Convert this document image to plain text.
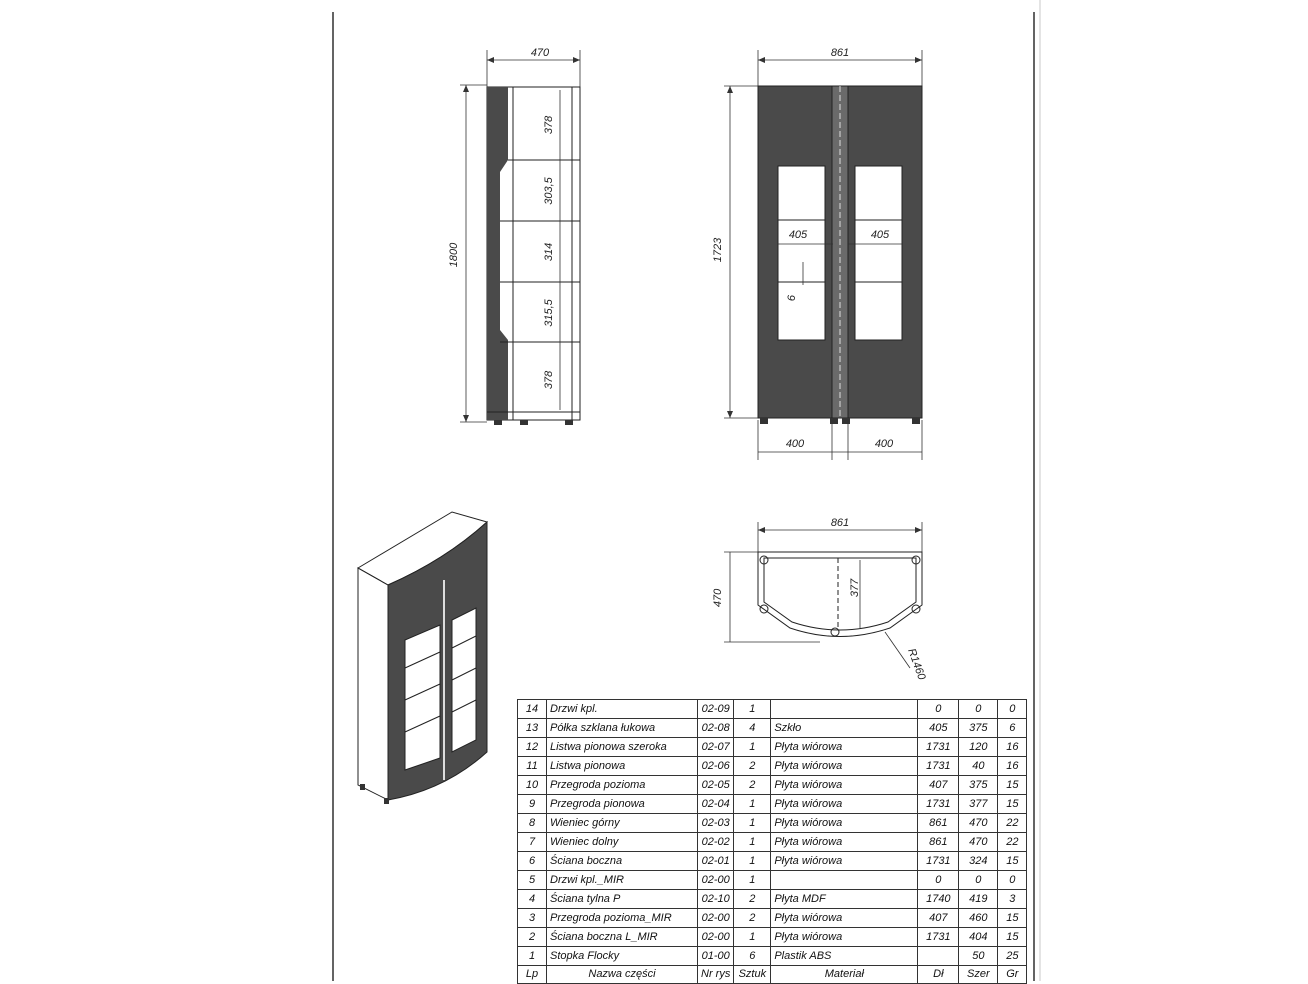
470
1800
378
303,5
314
315,5
378
861
1723
405	405
6
400	400
861
470
377
R1460
14	Drzwi kpl.	02-09	1		0	0	0
13	Półka szklana łukowa	02-08	4	Szkło	405	375	6
12	Listwa pionowa szeroka	02-07	1	Płyta wiórowa	1731	120	16
11	Listwa pionowa	02-06	2	Płyta wiórowa	1731	40	16
10	Przegroda pozioma	02-05	2	Płyta wiórowa	407	375	15
9	Przegroda pionowa	02-04	1	Płyta wiórowa	1731	377	15
8	Wieniec górny	02-03	1	Płyta wiórowa	861	470	22
7	Wieniec dolny	02-02	1	Płyta wiórowa	861	470	22
6	Ściana boczna	02-01	1	Płyta wiórowa	1731	324	15
5	Drzwi kpl._MIR	02-00	1		0	0	0
4	Ściana tylna P	02-10	2	Płyta MDF	1740	419	3
3	Przegroda pozioma_MIR	02-00	2	Płyta wiórowa	407	460	15
2	Ściana boczna L_MIR	02-00	1	Płyta wiórowa	1731	404	15
1	Stopka Flocky	01-00	6	Plastik ABS		50	25
Lp	Nazwa części	Nr rys	Sztuk	Materiał	Dł	Szer	Gr
